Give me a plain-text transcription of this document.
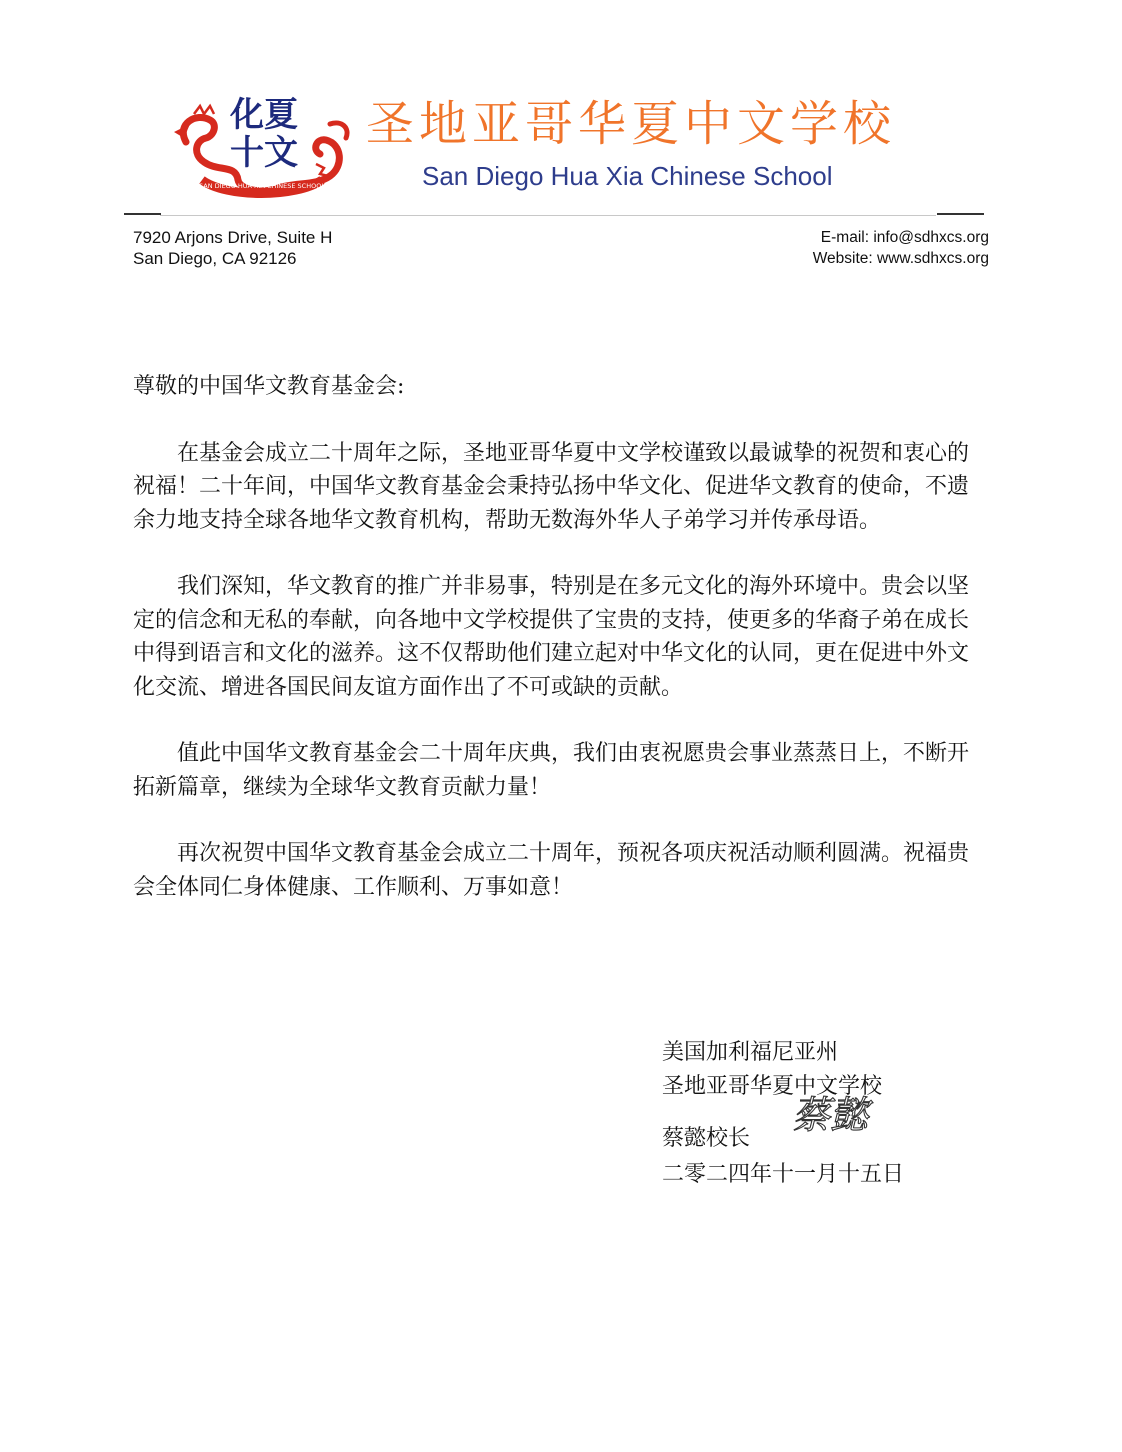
SAN DIEGO HUA XIA CHINESE SCHOOL
化夏
十文
圣地亚哥华夏中文学校
San Diego Hua Xia Chinese School
7920 Arjons Drive, Suite H
San Diego, CA 92126
E-mail: info@sdhxcs.org
Website: www.sdhxcs.org

尊敬的中国华文教育基金会:

在基金会成立二十周年之际，圣地亚哥华夏中文学校谨致以最诚挚的祝贺和衷心的祝福！二十年间，中国华文教育基金会秉持弘扬中华文化、促进华文教育的使命，不遗余力地支持全球各地华文教育机构，帮助无数海外华人子弟学习并传承母语。

我们深知，华文教育的推广并非易事，特别是在多元文化的海外环境中。贵会以坚定的信念和无私的奉献，向各地中文学校提供了宝贵的支持，使更多的华裔子弟在成长中得到语言和文化的滋养。这不仅帮助他们建立起对中华文化的认同，更在促进中外文化交流、增进各国民间友谊方面作出了不可或缺的贡献。

值此中国华文教育基金会二十周年庆典，我们由衷祝愿贵会事业蒸蒸日上，不断开拓新篇章，继续为全球华文教育贡献力量！

再次祝贺中国华文教育基金会成立二十周年，预祝各项庆祝活动顺利圆满。祝福贵会全体同仁身体健康、工作顺利、万事如意！

美国加利福尼亚州
圣地亚哥华夏中文学校
蔡懿校长
蔡懿
二零二四年十一月十五日
